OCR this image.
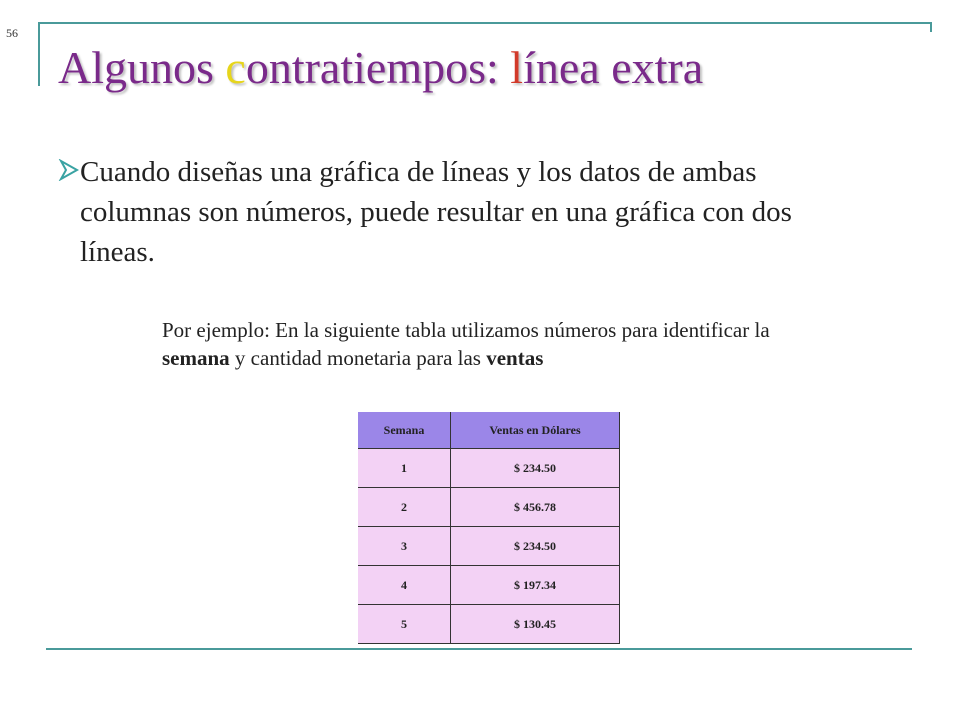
56
Algunos contratiempos: línea extra
Cuando diseñas una gráfica de líneas y los datos de ambas columnas son números, puede resultar en una gráfica con dos líneas.
Por ejemplo: En la siguiente tabla utilizamos números para identificar la semana y cantidad monetaria para las ventas
Semana	Ventas en Dólares
1	$ 234.50
2	$ 456.78
3	$ 234.50
4	$ 197.34
5	$ 130.45
